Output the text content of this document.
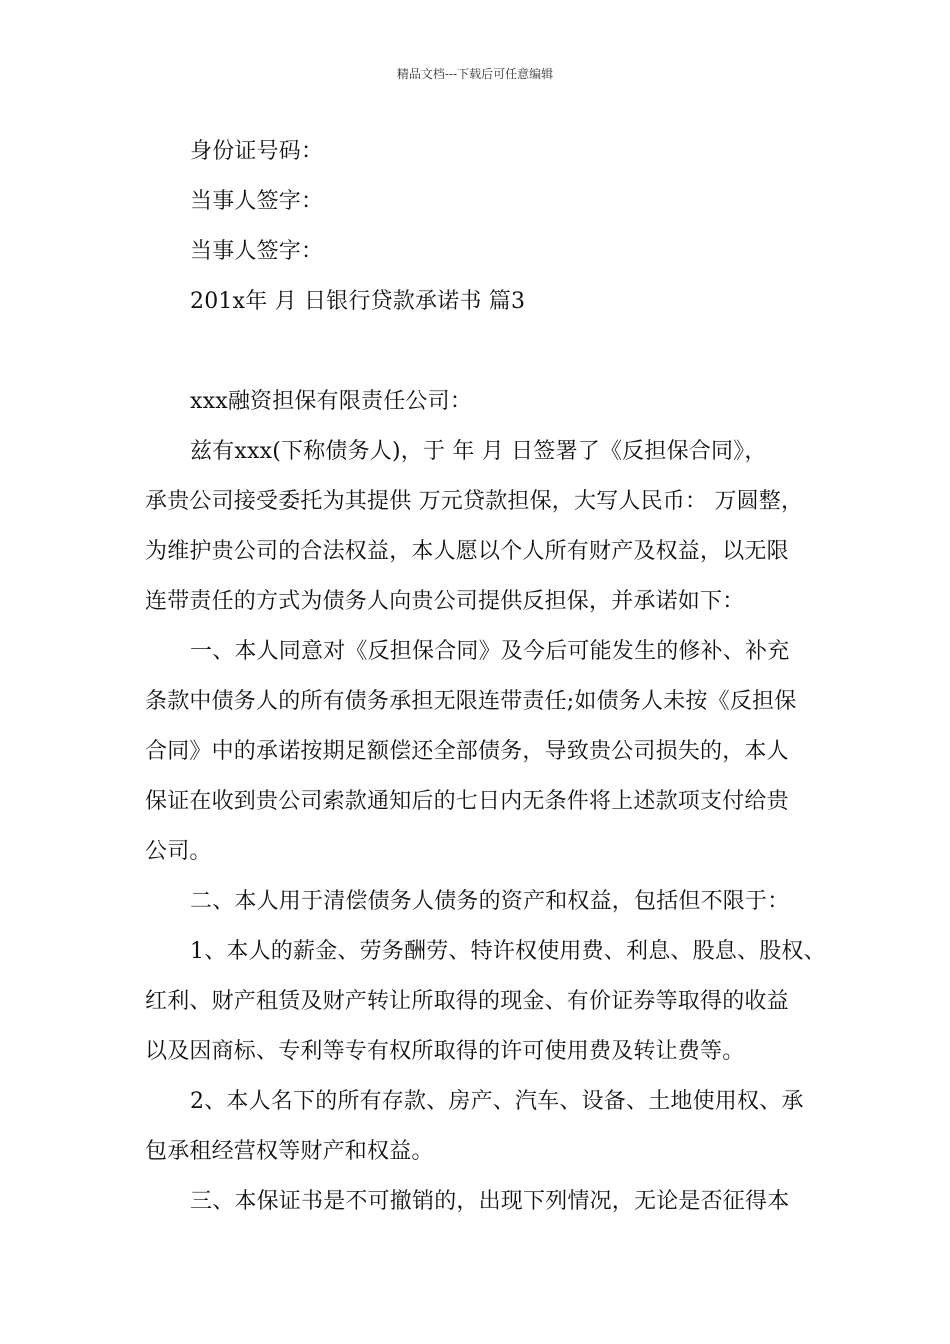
精品文档---下载后可任意编辑
身份证号码：
当事人签字：
当事人签字：
201x年 月 日银行贷款承诺书 篇3
xxx融资担保有限责任公司：
兹有xxx(下称债务人)，于 年 月 日签署了《反担保合同》，
承贵公司接受委托为其提供 万元贷款担保，大写人民币： 万圆整，
为维护贵公司的合法权益，本人愿以个人所有财产及权益，以无限
连带责任的方式为债务人向贵公司提供反担保，并承诺如下：
一、本人同意对《反担保合同》及今后可能发生的修补、补充
条款中债务人的所有债务承担无限连带责任;如债务人未按《反担保
合同》中的承诺按期足额偿还全部债务，导致贵公司损失的，本人
保证在收到贵公司索款通知后的七日内无条件将上述款项支付给贵
公司。
二、本人用于清偿债务人债务的资产和权益，包括但不限于：
1、本人的薪金、劳务酬劳、特许权使用费、利息、股息、股权、
红利、财产租赁及财产转让所取得的现金、有价证券等取得的收益
以及因商标、专利等专有权所取得的许可使用费及转让费等。
2、本人名下的所有存款、房产、汽车、设备、土地使用权、承
包承租经营权等财产和权益。
三、本保证书是不可撤销的，出现下列情况，无论是否征得本
